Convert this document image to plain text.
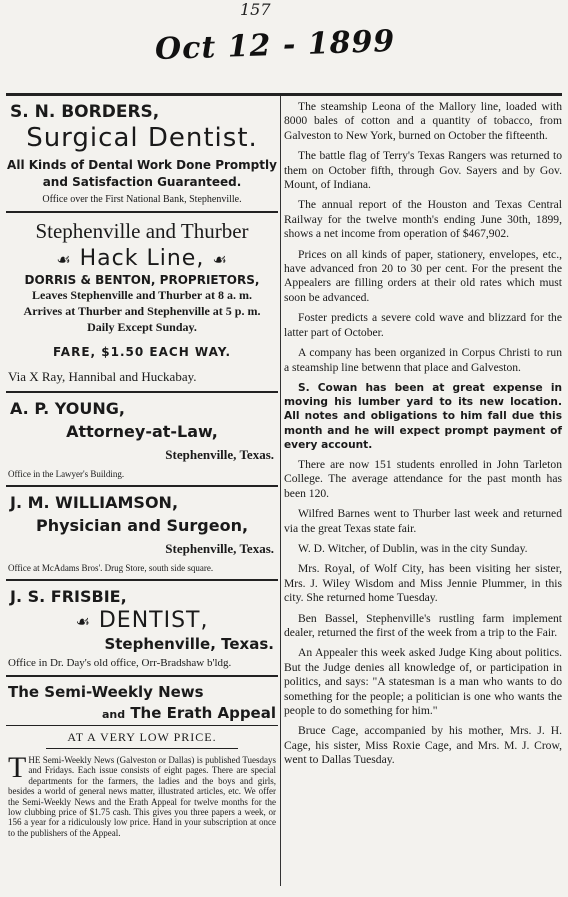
157
Oct 12 - 1899
S. N. BORDERS,
Surgical Dentist.
All Kinds of Dental Work Done Promptly
and Satisfaction Guaranteed.
Office over the First National Bank, Stephenville.
Stephenville and Thurber
☙ Hack Line, ☙
DORRIS & BENTON, PROPRIETORS,
Leaves Stephenville and Thurber at 8 a. m.
Arrives at Thurber and Stephenville at 5 p. m.
Daily Except Sunday.
FARE, $1.50 EACH WAY.
Via X Ray, Hannibal and Huckabay.
A. P. YOUNG,
Attorney-at-Law,
Stephenville, Texas.
Office in the Lawyer's Building.
J. M. WILLIAMSON,
Physician and Surgeon,
Stephenville, Texas.
Office at McAdams Bros'. Drug Store, south side square.
J. S. FRISBIE,
☙ DENTIST,
Stephenville, Texas.
Office in Dr. Day's old office, Orr-Bradshaw b'ldg.
The Semi-Weekly News
and The Erath Appeal
AT A VERY LOW PRICE.
THE Semi-Weekly News (Galveston or Dallas) is published Tuesdays and Fridays. Each issue consists of eight pages. There are special departments for the farmers, the ladies and the boys and girls, besides a world of general news matter, illustrated articles, etc. We offer the Semi-Weekly News and the Erath Appeal for twelve months for the low clubbing price of $1.75 cash. This gives you three papers a week, or 156 a year for a ridiculously low price. Hand in your subscription at once to the publishers of the Appeal.

The steamship Leona of the Mallory line, loaded with 8000 bales of cotton and a quantity of tobacco, from Galveston to New York, burned on October the fifteenth.

The battle flag of Terry's Texas Rangers was returned to them on October fifth, through Gov. Sayers and by Gov. Mount, of Indiana.

The annual report of the Houston and Texas Central Railway for the twelve month's ending June 30th, 1899, shows a net income from operation of $467,902.

Prices on all kinds of paper, stationery, envelopes, etc., have advanced fron 20 to 30 per cent. For the present the Appealers are filling orders at their old rates which must soon be advanced.

Foster predicts a severe cold wave and blizzard for the latter part of October.

A company has been organized in Corpus Christi to run a steamship line betwenn that place and Galveston.

S. Cowan has been at great expense in moving his lumber yard to its new location. All notes and obligations to him fall due this month and he will expect prompt payment of every account.

There are now 151 students enrolled in John Tarleton College. The average attendance for the past month has been 120.

Wilfred Barnes went to Thurber last week and returned via the great Texas state fair.

W. D. Witcher, of Dublin, was in the city Sunday.

Mrs. Royal, of Wolf City, has been visiting her sister, Mrs. J. Wiley Wisdom and Miss Jennie Plummer, in this city. She returned home Tuesday.

Ben Bassel, Stephenville's rustling farm implement dealer, returned the first of the week from a trip to the Fair.

An Appealer this week asked Judge King about politics. But the Judge denies all knowledge of, or participation in politics, and says: "A statesman is a man who wants to do something for the people; a politician is one who wants the people to do something for him."

Bruce Cage, accompanied by his mother, Mrs. J. H. Cage, his sister, Miss Roxie Cage, and Mrs. M. J. Crow, went to Dallas Tuesday.
